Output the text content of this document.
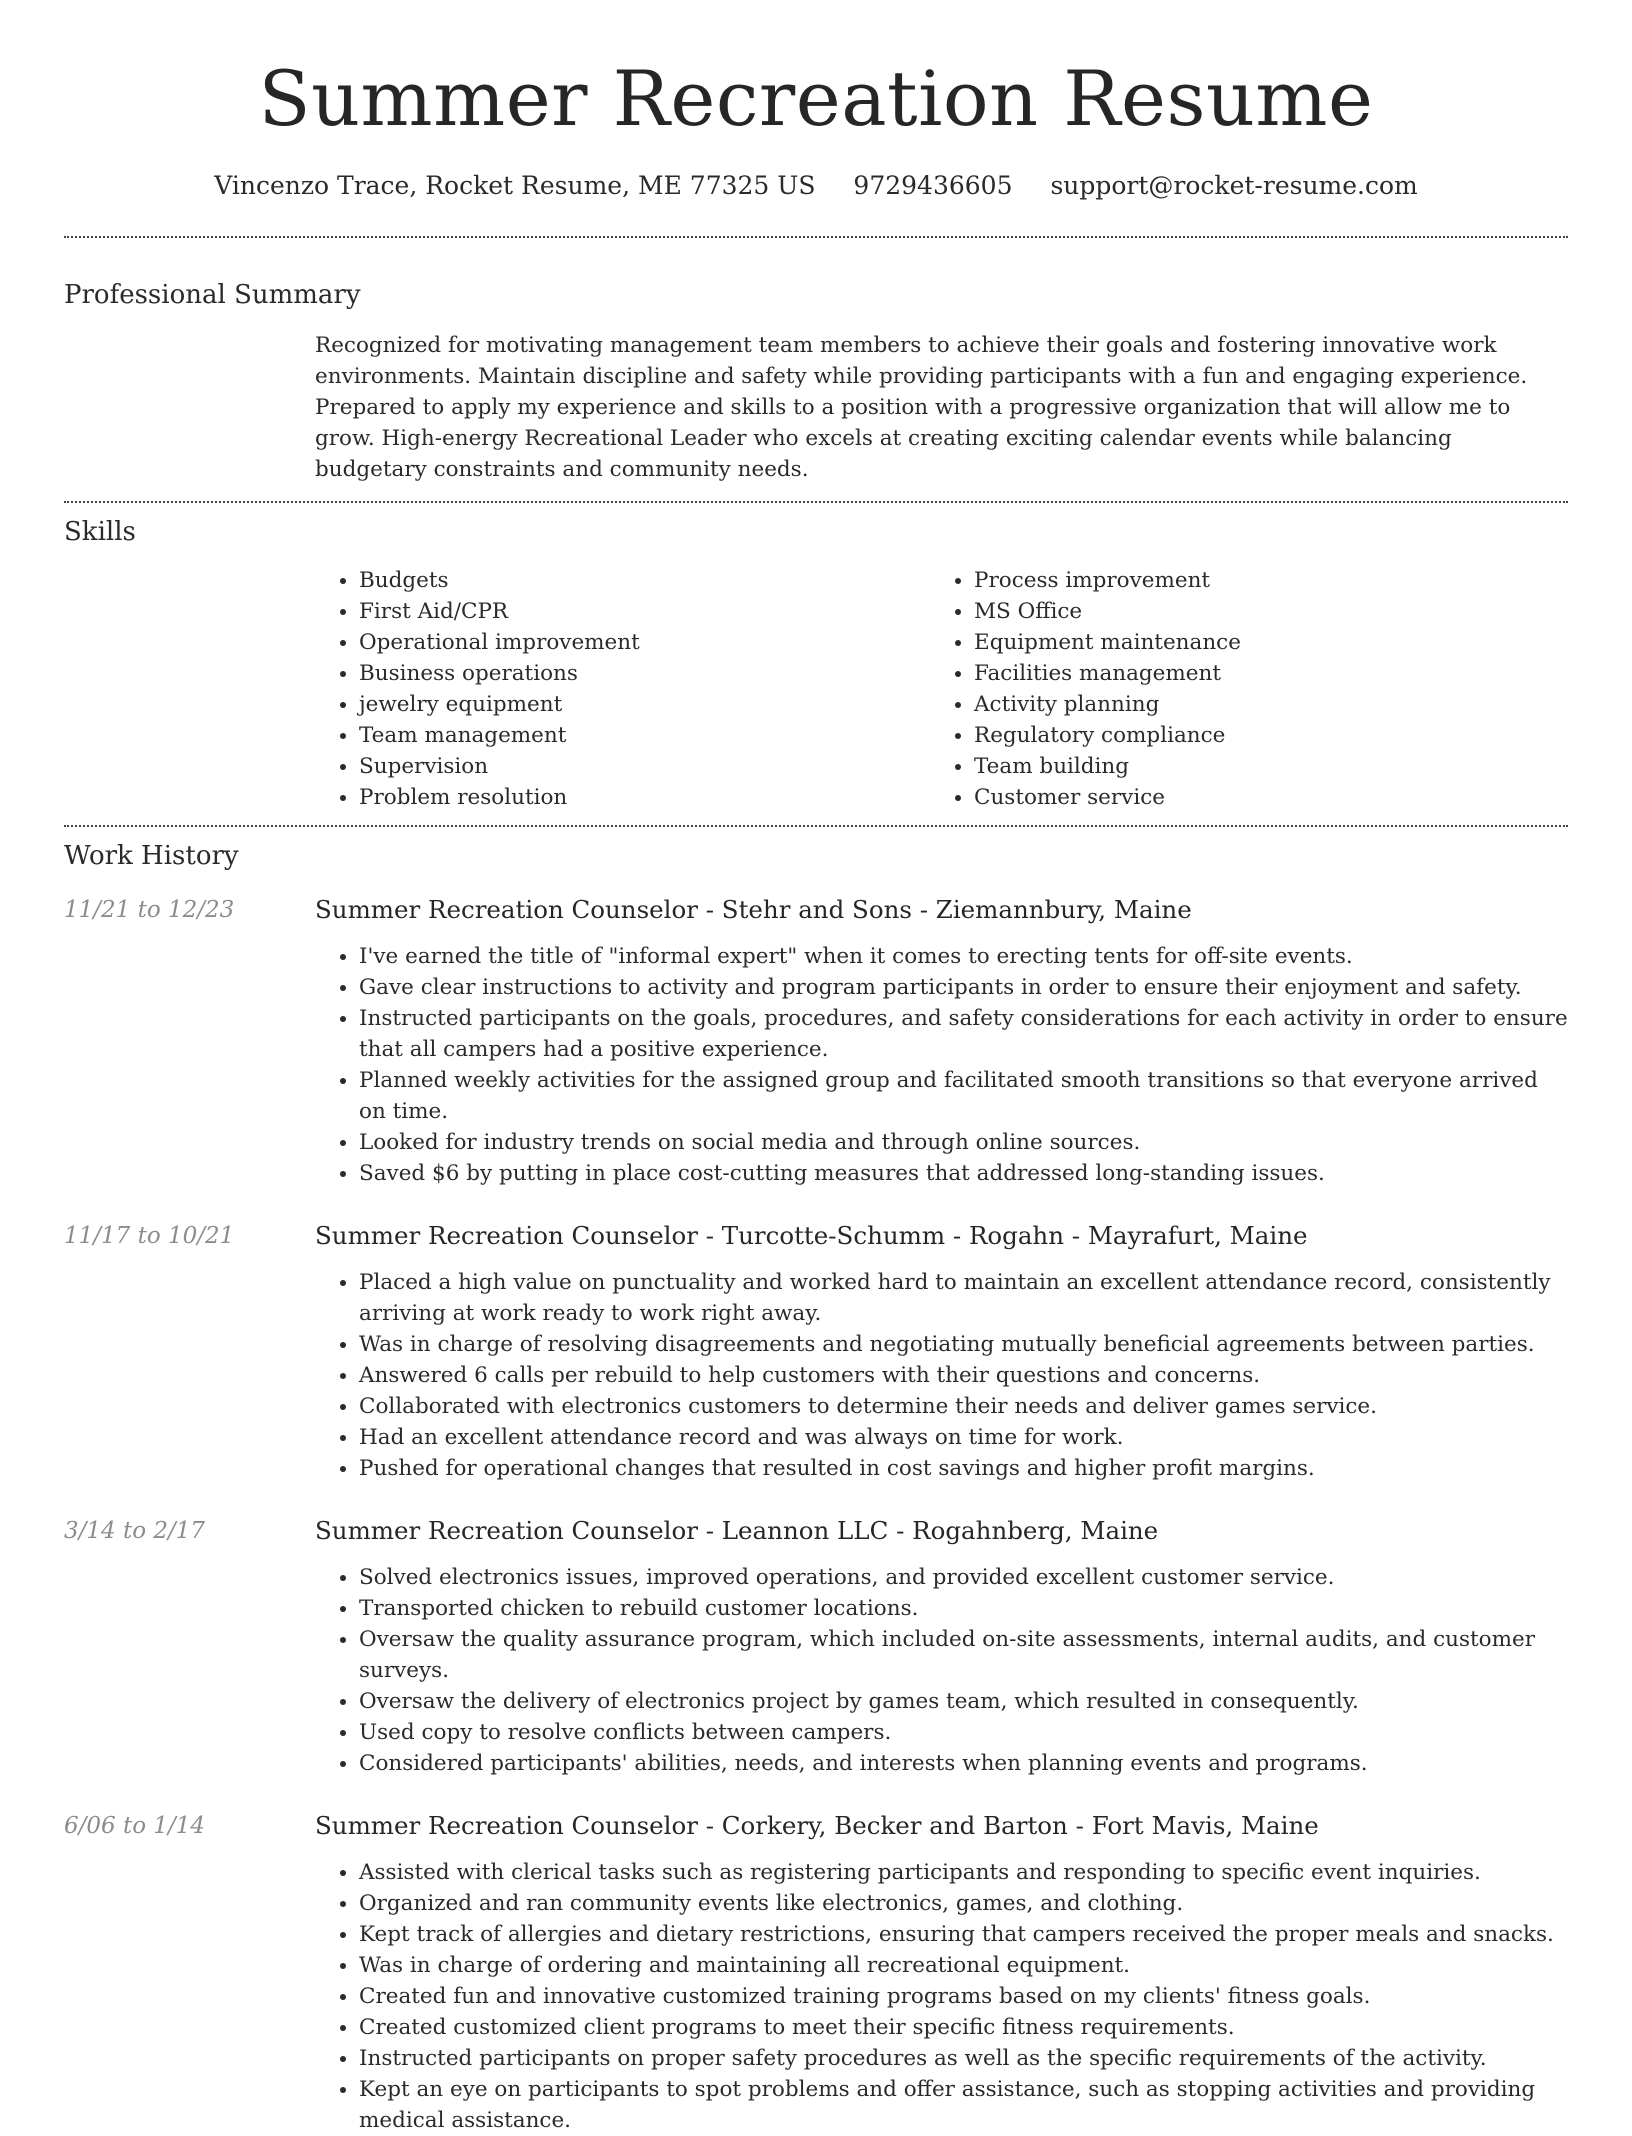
Summer Recreation Resume
Vincenzo Trace, Rocket Resume, ME 77325 US 9729436605 support@rocket-resume.com
Professional Summary
Recognized for motivating management team members to achieve their goals and fostering innovative work environments. Maintain discipline and safety while providing participants with a fun and engaging experience. Prepared to apply my experience and skills to a position with a progressive organization that will allow me to grow. High-energy Recreational Leader who excels at creating exciting calendar events while balancing budgetary constraints and community needs.
Skills
• Budgets
• First Aid/CPR
• Operational improvement
• Business operations
• jewelry equipment
• Team management
• Supervision
• Problem resolution
• Process improvement
• MS Office
• Equipment maintenance
• Facilities management
• Activity planning
• Regulatory compliance
• Team building
• Customer service
Work History
11/21 to 12/23	Summer Recreation Counselor - Stehr and Sons - Ziemannbury, Maine
• I've earned the title of "informal expert" when it comes to erecting tents for off-site events.
• Gave clear instructions to activity and program participants in order to ensure their enjoyment and safety.
• Instructed participants on the goals, procedures, and safety considerations for each activity in order to ensure that all campers had a positive experience.
• Planned weekly activities for the assigned group and facilitated smooth transitions so that everyone arrived on time.
• Looked for industry trends on social media and through online sources.
• Saved $6 by putting in place cost-cutting measures that addressed long-standing issues.
11/17 to 10/21	Summer Recreation Counselor - Turcotte-Schumm - Rogahn - Mayrafurt, Maine
• Placed a high value on punctuality and worked hard to maintain an excellent attendance record, consistently arriving at work ready to work right away.
• Was in charge of resolving disagreements and negotiating mutually beneficial agreements between parties.
• Answered 6 calls per rebuild to help customers with their questions and concerns.
• Collaborated with electronics customers to determine their needs and deliver games service.
• Had an excellent attendance record and was always on time for work.
• Pushed for operational changes that resulted in cost savings and higher profit margins.
3/14 to 2/17	Summer Recreation Counselor - Leannon LLC - Rogahnberg, Maine
• Solved electronics issues, improved operations, and provided excellent customer service.
• Transported chicken to rebuild customer locations.
• Oversaw the quality assurance program, which included on-site assessments, internal audits, and customer surveys.
• Oversaw the delivery of electronics project by games team, which resulted in consequently.
• Used copy to resolve conflicts between campers.
• Considered participants' abilities, needs, and interests when planning events and programs.
6/06 to 1/14	Summer Recreation Counselor - Corkery, Becker and Barton - Fort Mavis, Maine
• Assisted with clerical tasks such as registering participants and responding to specific event inquiries.
• Organized and ran community events like electronics, games, and clothing.
• Kept track of allergies and dietary restrictions, ensuring that campers received the proper meals and snacks.
• Was in charge of ordering and maintaining all recreational equipment.
• Created fun and innovative customized training programs based on my clients' fitness goals.
• Created customized client programs to meet their specific fitness requirements.
• Instructed participants on proper safety procedures as well as the specific requirements of the activity.
• Kept an eye on participants to spot problems and offer assistance, such as stopping activities and providing medical assistance.
